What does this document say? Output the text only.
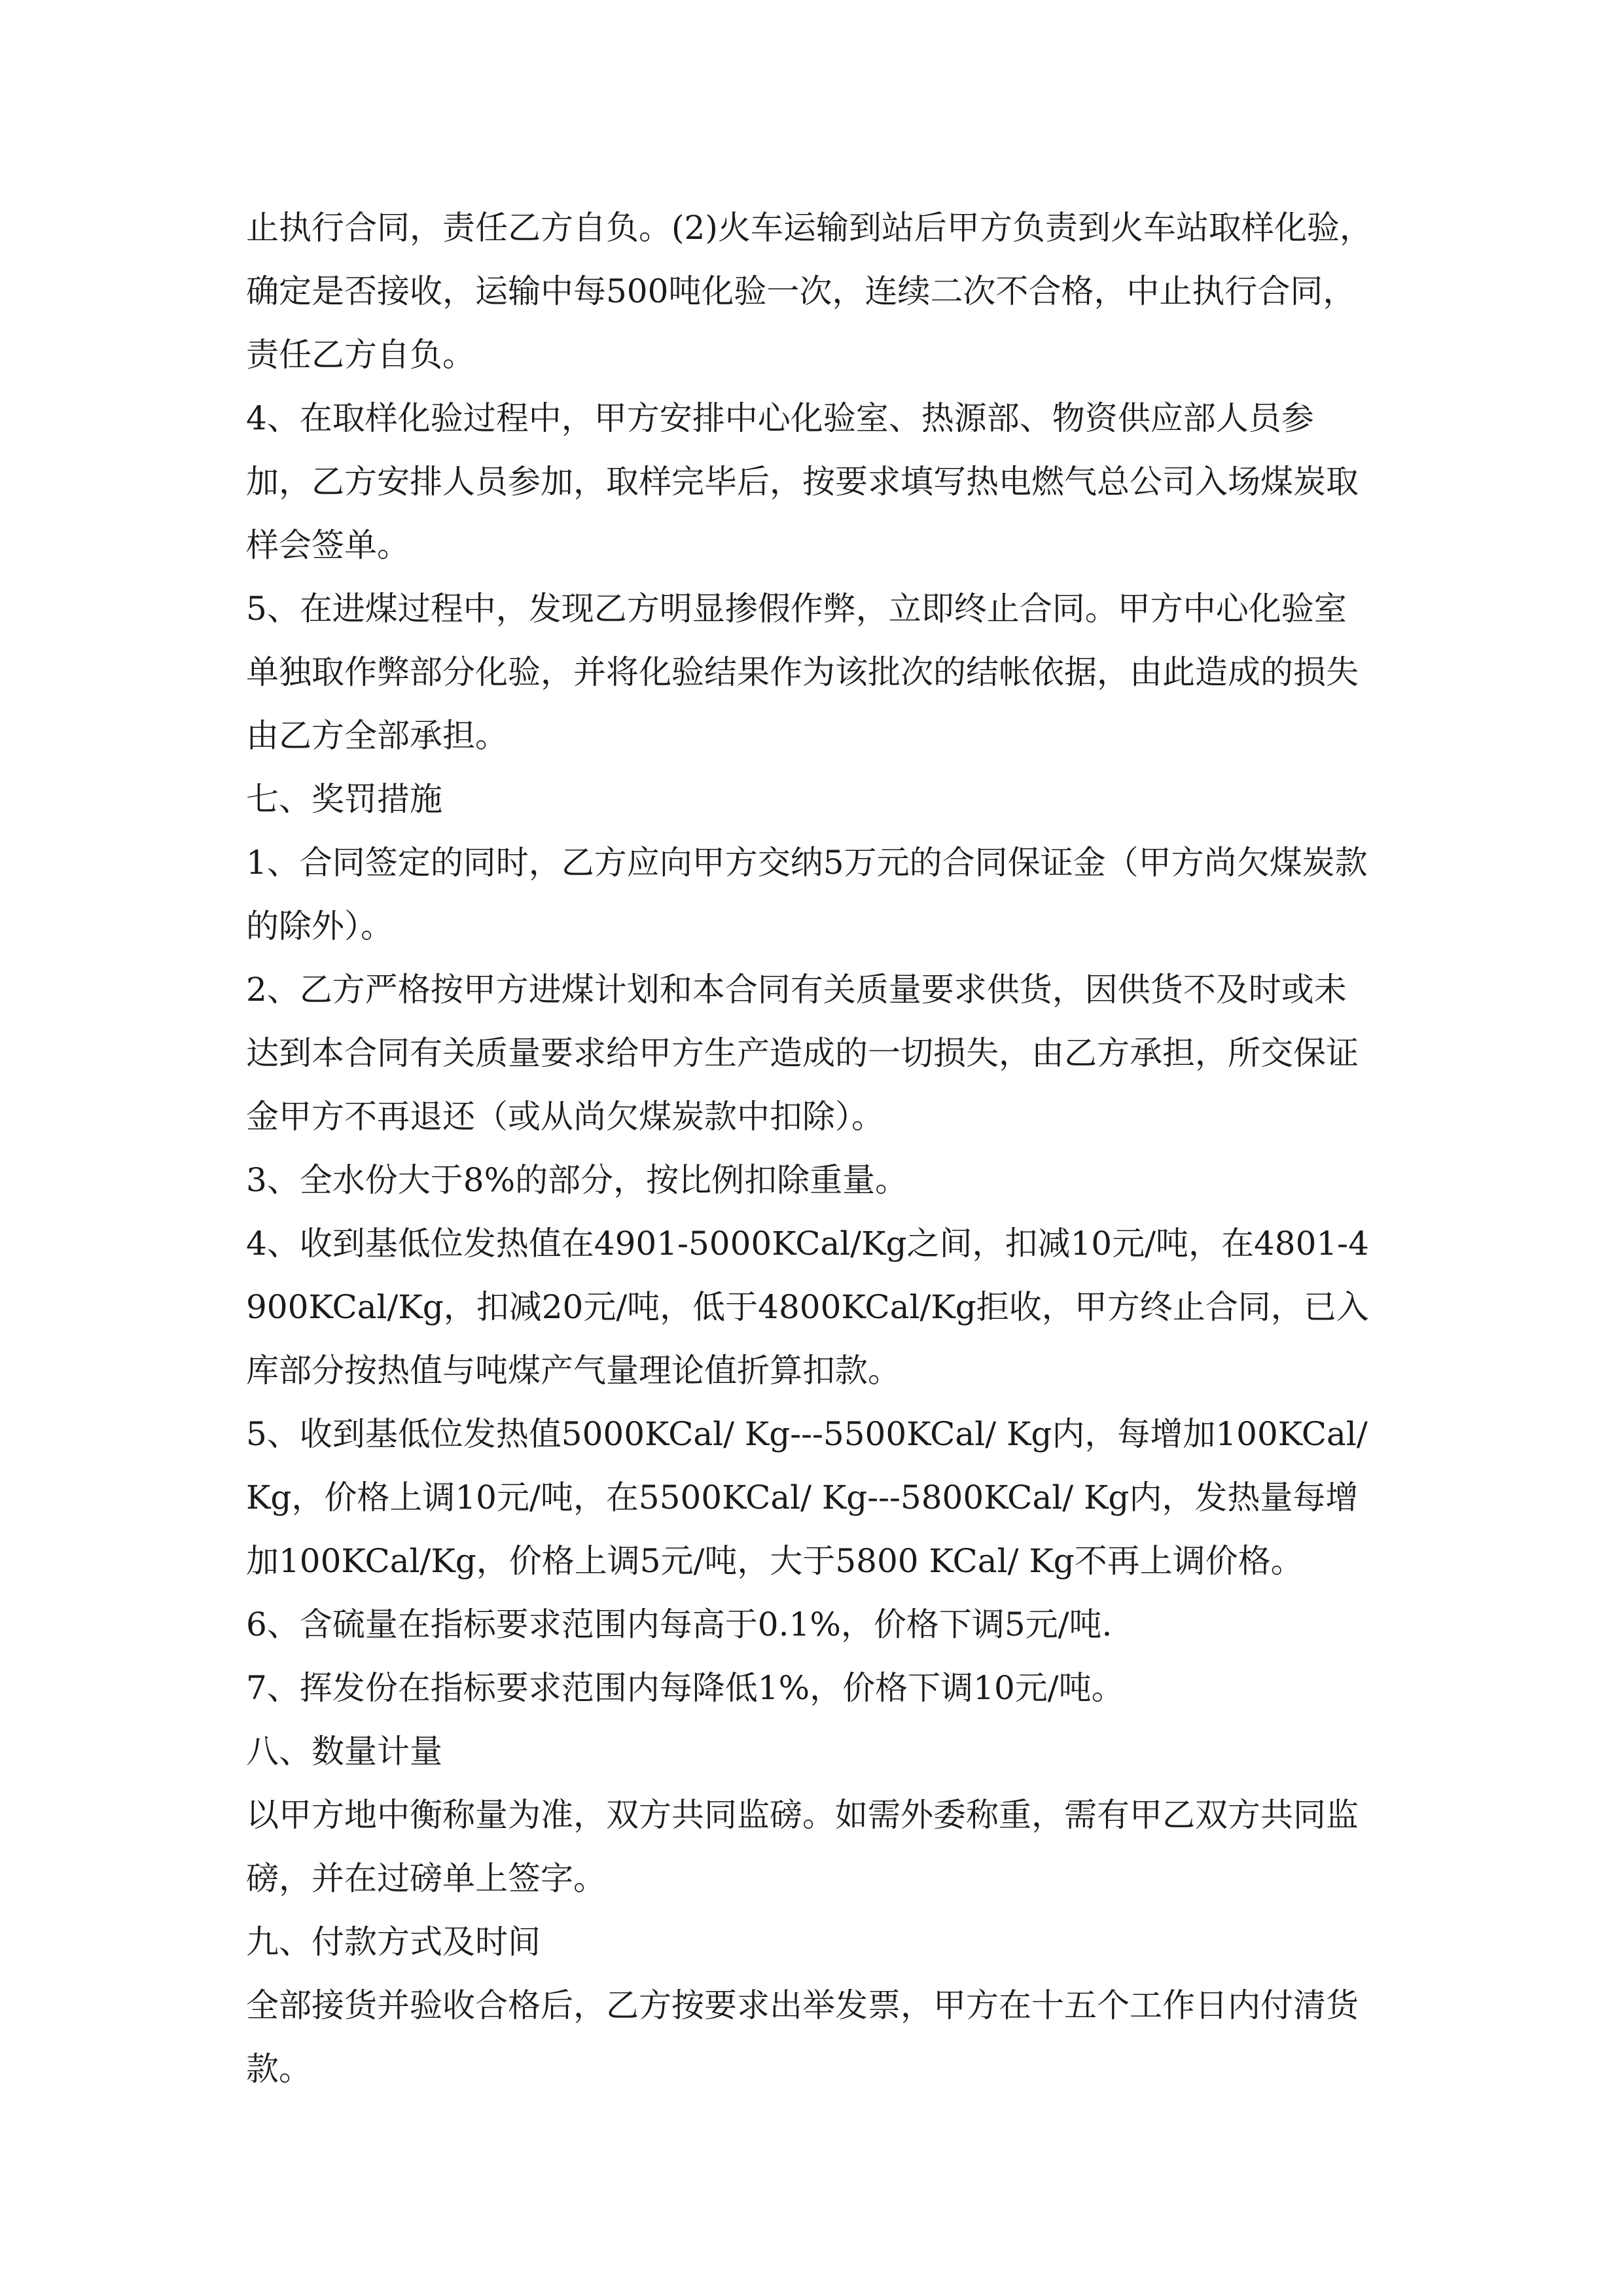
止执行合同，责任乙方自负。(2)火车运输到站后甲方负责到火车站取样化验，确定是否接收，运输中每500吨化验一次，连续二次不合格，中止执行合同，责任乙方自负。

4、在取样化验过程中，甲方安排中心化验室、热源部、物资供应部人员参加，乙方安排人员参加，取样完毕后，按要求填写热电燃气总公司入场煤炭取样会签单。

5、在进煤过程中，发现乙方明显掺假作弊，立即终止合同。甲方中心化验室单独取作弊部分化验，并将化验结果作为该批次的结帐依据，由此造成的损失由乙方全部承担。

七、奖罚措施

1、合同签定的同时，乙方应向甲方交纳5万元的合同保证金（甲方尚欠煤炭款的除外）。

2、乙方严格按甲方进煤计划和本合同有关质量要求供货，因供货不及时或未达到本合同有关质量要求给甲方生产造成的一切损失，由乙方承担，所交保证金甲方不再退还（或从尚欠煤炭款中扣除）。

3、全水份大于8%的部分，按比例扣除重量。

4、收到基低位发热值在4901-5000KCal/Kg之间，扣减10元/吨，在4801-4900KCal/Kg，扣减20元/吨，低于4800KCal/Kg拒收，甲方终止合同，已入库部分按热值与吨煤产气量理论值折算扣款。

5、收到基低位发热值5000KCal/ Kg---5500KCal/ Kg内，每增加100KCal/Kg，价格上调10元/吨，在5500KCal/ Kg---5800KCal/ Kg内，发热量每增加100KCal/Kg，价格上调5元/吨，大于5800 KCal/ Kg不再上调价格。

6、含硫量在指标要求范围内每高于0.1%，价格下调5元/吨.

7、挥发份在指标要求范围内每降低1%，价格下调10元/吨。

八、数量计量

以甲方地中衡称量为准，双方共同监磅。如需外委称重，需有甲乙双方共同监磅，并在过磅单上签字。

九、付款方式及时间

全部接货并验收合格后，乙方按要求出举发票，甲方在十五个工作日内付清货款。
